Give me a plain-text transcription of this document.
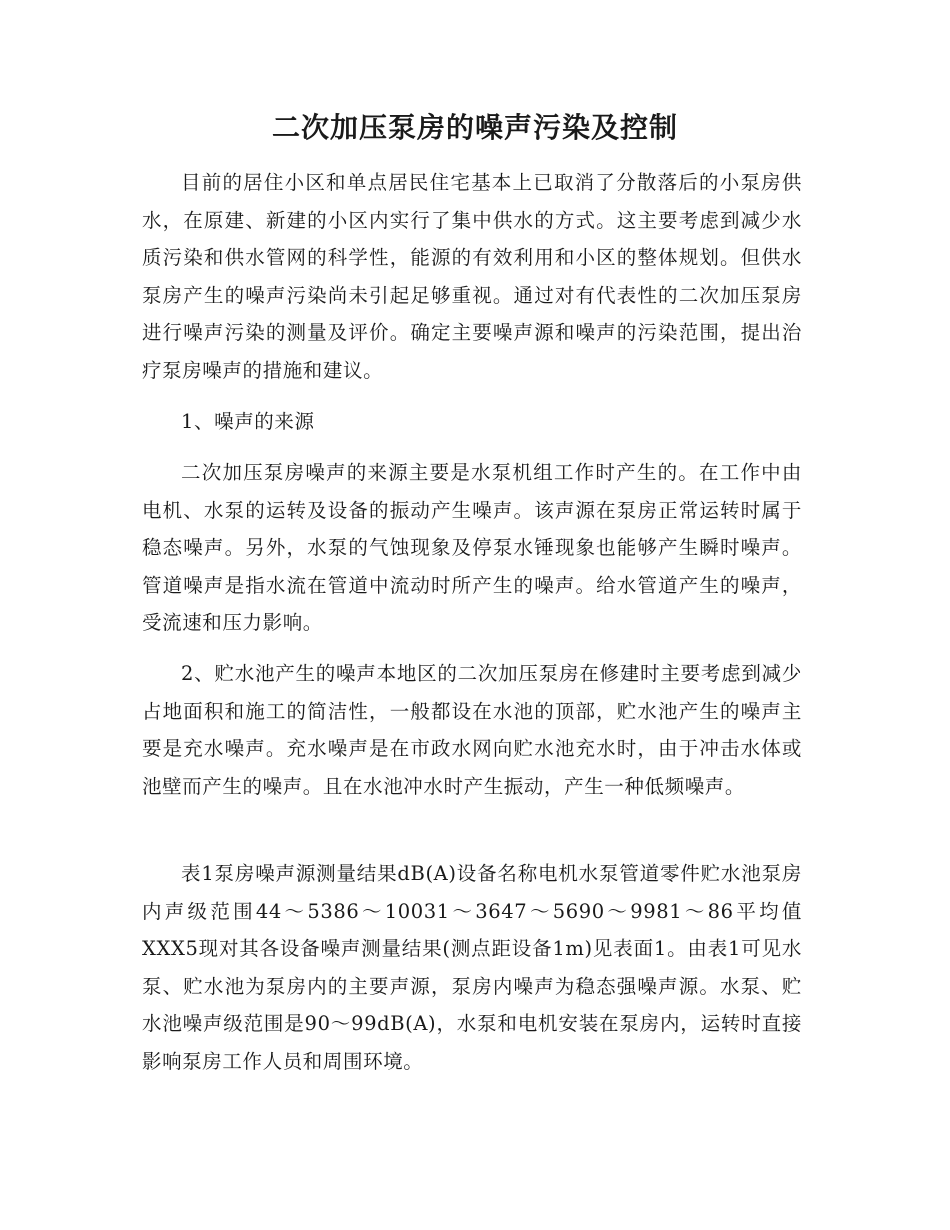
二次加压泵房的噪声污染及控制

目前的居住小区和单点居民住宅基本上已取消了分散落后的小泵房供水，在原建、新建的小区内实行了集中供水的方式。这主要考虑到减少水质污染和供水管网的科学性，能源的有效利用和小区的整体规划。但供水泵房产生的噪声污染尚未引起足够重视。通过对有代表性的二次加压泵房进行噪声污染的测量及评价。确定主要噪声源和噪声的污染范围，提出治疗泵房噪声的措施和建议。

1、噪声的来源

二次加压泵房噪声的来源主要是水泵机组工作时产生的。在工作中由电机、水泵的运转及设备的振动产生噪声。该声源在泵房正常运转时属于稳态噪声。另外，水泵的气蚀现象及停泵水锤现象也能够产生瞬时噪声。管道噪声是指水流在管道中流动时所产生的噪声。给水管道产生的噪声，受流速和压力影响。

2、贮水池产生的噪声本地区的二次加压泵房在修建时主要考虑到减少占地面积和施工的简洁性，一般都设在水池的顶部，贮水池产生的噪声主要是充水噪声。充水噪声是在市政水网向贮水池充水时，由于冲击水体或池壁而产生的噪声。且在水池冲水时产生振动，产生一种低频噪声。

表1泵房噪声源测量结果dB(A)设备名称电机水泵管道零件贮水池泵房内声级范围44～5386～10031～3647～5690～9981～86平均值XXX5现对其各设备噪声测量结果(测点距设备1m)见表面1。由表1可见水泵、贮水池为泵房内的主要声源，泵房内噪声为稳态强噪声源。水泵、贮水池噪声级范围是90～99dB(A)，水泵和电机安装在泵房内，运转时直接影响泵房工作人员和周围环境。
